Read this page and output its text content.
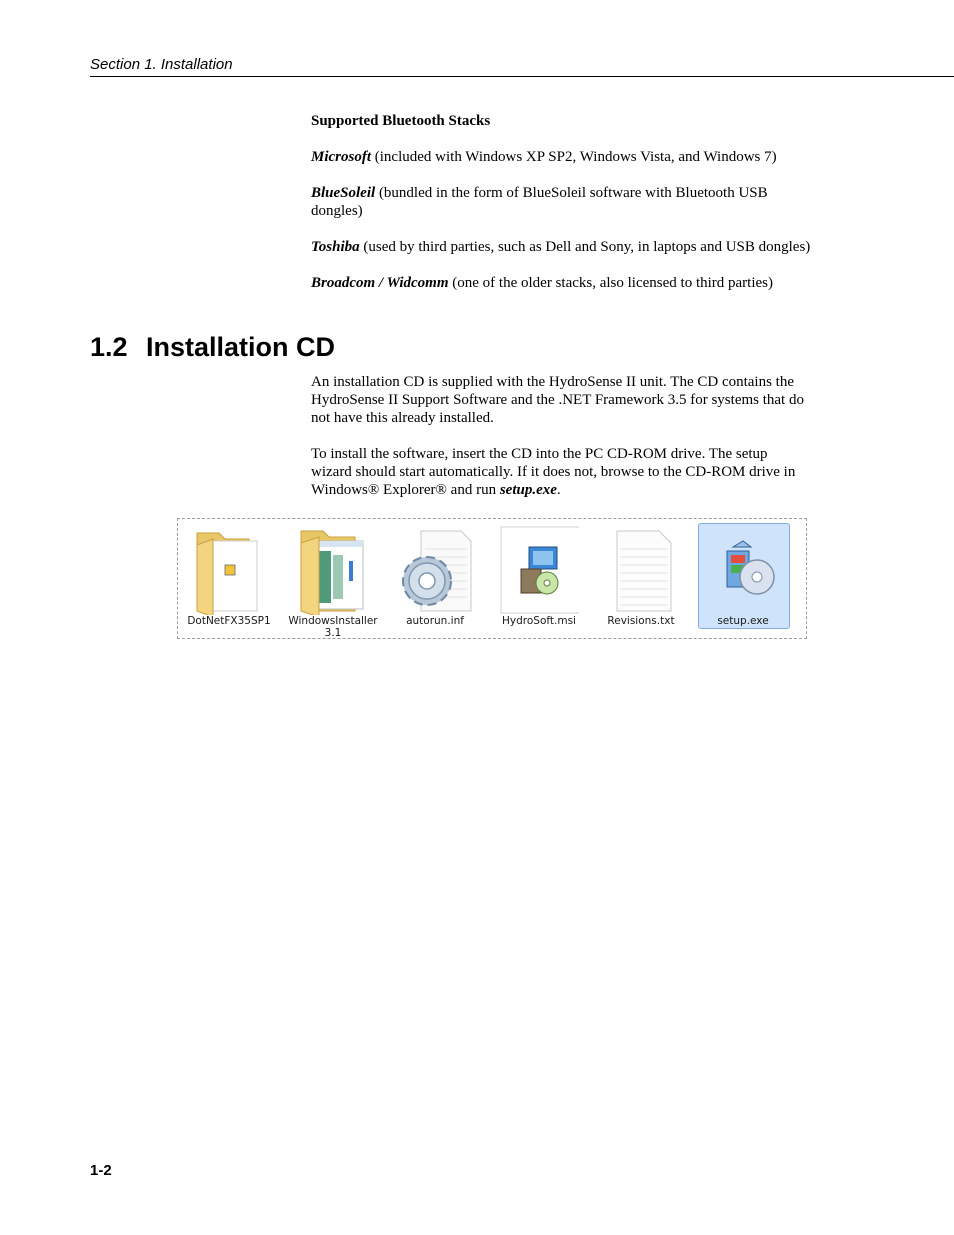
Section 1. Installation

Supported Bluetooth Stacks

Microsoft (included with Windows XP SP2, Windows Vista, and Windows 7)

BlueSoleil (bundled in the form of BlueSoleil software with Bluetooth USB dongles)

Toshiba (used by third parties, such as Dell and Sony, in laptops and USB dongles)

Broadcom / Widcomm (one of the older stacks, also licensed to third parties)

1.2 Installation CD

An installation CD is supplied with the HydroSense II unit. The CD contains the HydroSense II Support Software and the .NET Framework 3.5 for systems that do not have this already installed.

To install the software, insert the CD into the PC CD-ROM drive. The setup wizard should start automatically. If it does not, browse to the CD-ROM drive in Windows® Explorer® and run setup.exe.

DotNetFX35SP1	WindowsInstaller 3.1
autorun.inf	HydroSoft.msi	Revisions.txt	setup.exe
1-2
